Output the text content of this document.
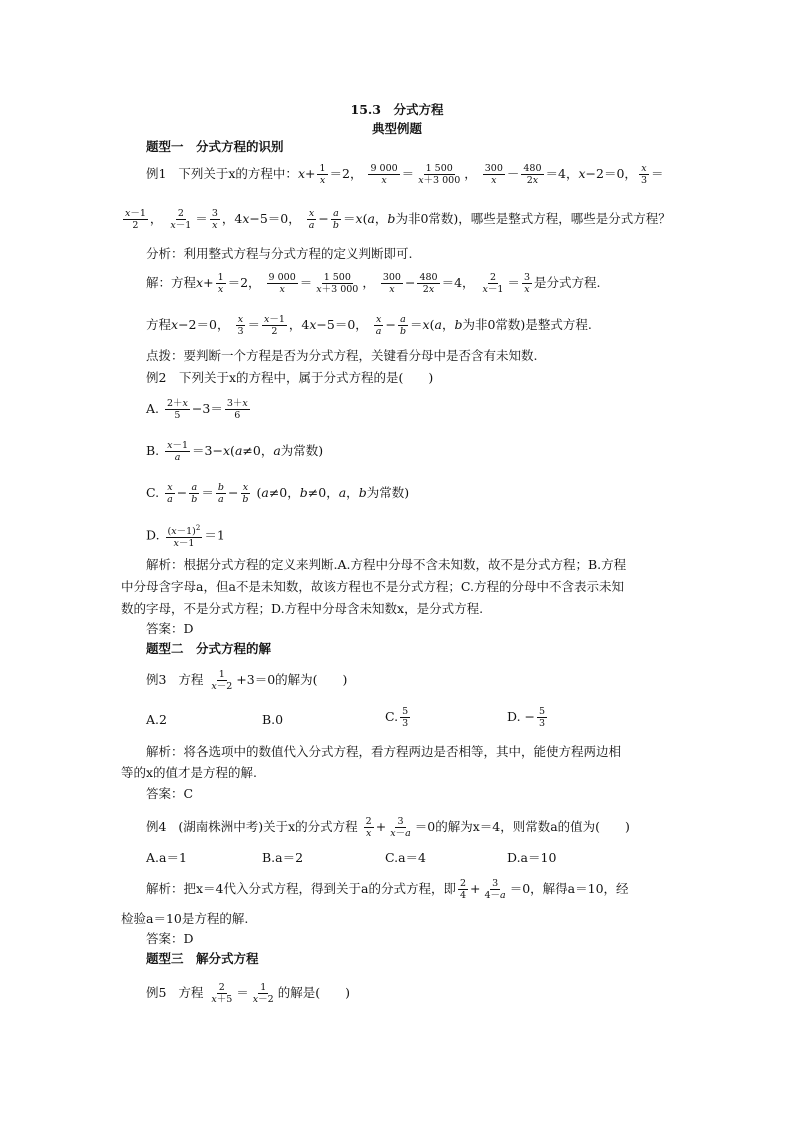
15.3　分式方程
典型例题
题型一　分式方程的识别
例1 下列关于x的方程中：$x+ \frac{1}{x} =2$， $\frac{9 000}{x} = \frac{1 500}{x+3 000}$ ， $\frac{300}{x} - \frac{480}{2x} =4$，x−2＝0， $\frac{x}{3}$ ＝
$\frac{x-1}{2}$ ， $\frac{2}{x-1} = \frac{3}{x}$ ，4x−5＝0， $\frac{x}{a} - \frac{a}{b} =x(a$，b为非0常数)，哪些是整式方程，哪些是分式方程？
分析：利用整式方程与分式方程的定义判断即可.
解：方程$x+ \frac{1}{x} =2$， $\frac{9 000}{x} = \frac{1 500}{x+3 000}$ ， $\frac{300}{x} - \frac{480}{2x} =4$， $\frac{2}{x-1} = \frac{3}{x}$ 是分式方程.
方程x−2＝0， $\frac{x}{3} = \frac{x-1}{2}$ ，4x−5＝0， $\frac{x}{a} - \frac{a}{b} =x(a$，b为非0常数)是整式方程.
点拨：要判断一个方程是否为分式方程，关键看分母中是否含有未知数.
例2　下列关于x的方程中，属于分式方程的是(　　)
A. $\frac{2+x}{5} -3= \frac{3+x}{6}$
B. $\frac{x-1}{a} =3-x(a\ne 0$，a为常数)
C. $\frac{x}{a} - \frac{a}{b} = \frac{b}{a} - \frac{x}{b} (a\ne 0$，b≠0，a，b为常数)
D. $\frac{(x-1)^2}{x-1} =1$
解析：根据分式方程的定义来判断.A.方程中分母不含未知数，故不是分式方程；B.方程
中分母含字母a，但a不是未知数，故该方程也不是分式方程；C.方程的分母中不含表示未知
数的字母，不是分式方程；D.方程中分母含未知数x，是分式方程.
答案：D
题型二　分式方程的解
例3 方程 $\frac{1}{x-2} +3=0$的解为(　　)
A.2	B.0	C. $\frac{5}{3}$	D. − $\frac{5}{3}$
解析：将各选项中的数值代入分式方程，看方程两边是否相等，其中，能使方程两边相
等的x的值才是方程的解.
答案：C
例4 (湖南株洲中考)关于x的分式方程 $\frac{2}{x} + \frac{3}{x-a} =0$的解为x＝4，则常数a的值为(　　)
A.a＝1	B.a＝2	C.a＝4	D.a＝10
解析：把x＝4代入分式方程，得到关于a的分式方程，即 $\frac{2}{4} + \frac{3}{4-a} =0$，解得a＝10，经
检验a＝10是方程的解.
答案：D
题型三　解分式方程
例5 方程 $\frac{2}{x+5} = \frac{1}{x-2}$ 的解是(　　)
